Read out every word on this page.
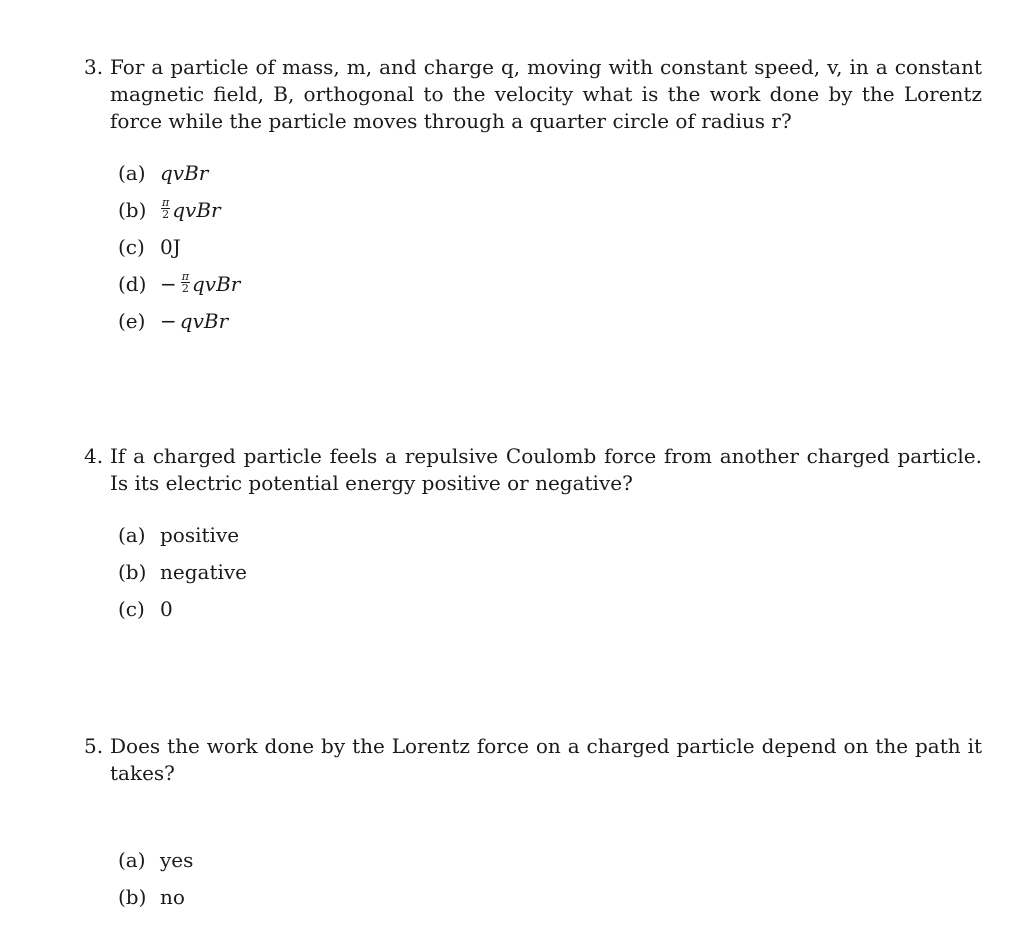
3. For a particle of mass, m, and charge q, moving with constant speed, v, in a constant magnetic field, B, orthogonal to the velocity what is the work done by the Lorentz force while the particle moves through a quarter circle of radius r?
(a) qvBr
(b)	$\frac{\pi}{2}$ qvBr
(c) 0J
$(d) - \frac{\pi}{2}$ qvBr
(e) − qvBr
4. If a charged particle feels a repulsive Coulomb force from another charged particle. Is its electric potential energy positive or negative?
(a) positive
(b) negative
(c) 0
5. Does the work done by the Lorentz force on a charged particle depend on the path it takes?
(a) yes
(b) no
